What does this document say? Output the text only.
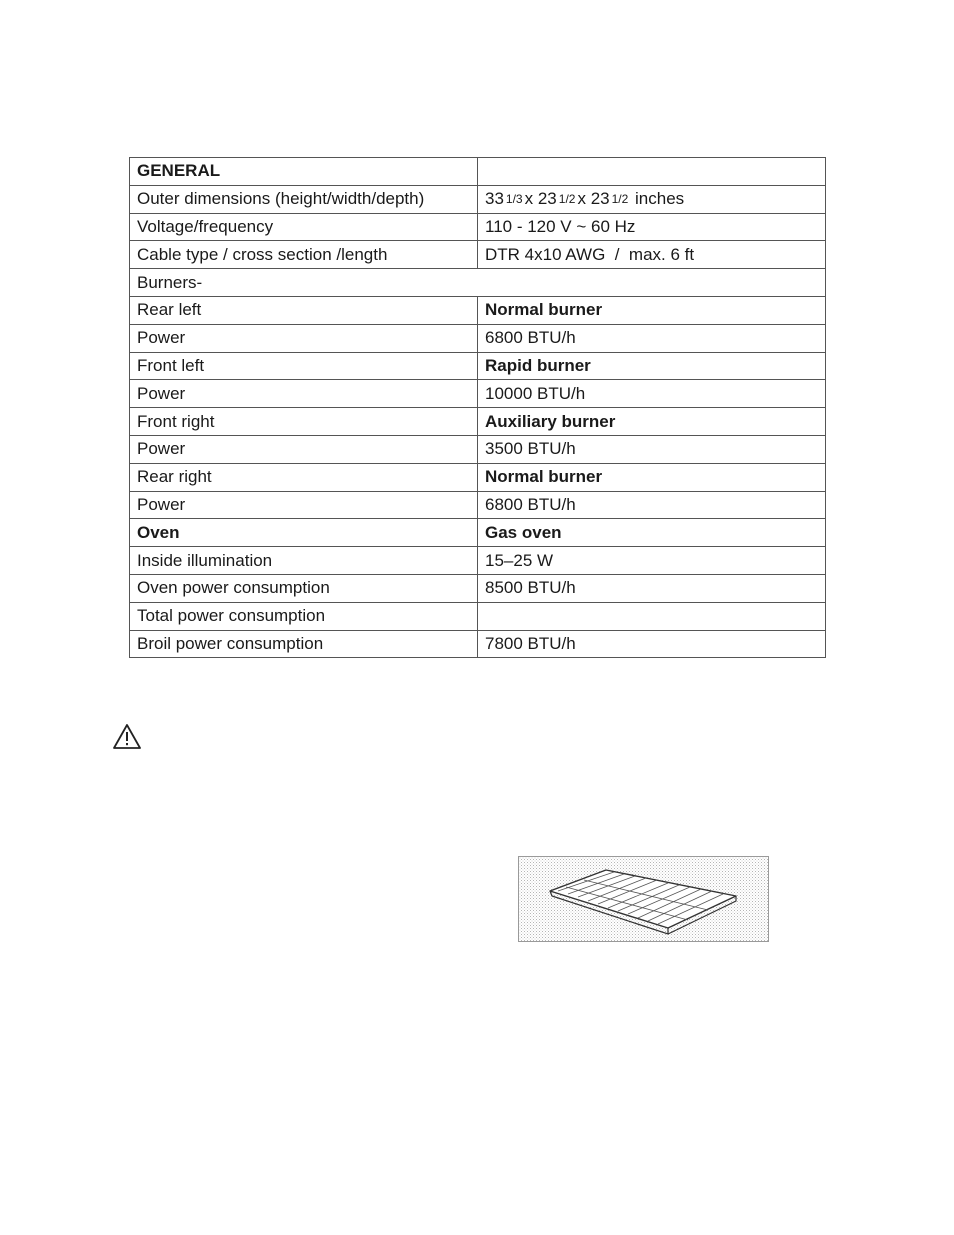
GENERAL	
Outer dimensions (height/width/depth)	33 1/3 x 23 1/2 x 23 1/2 inches
Voltage/frequency	110 - 120 V ~ 60 Hz
Cable type / cross section /length	DTR 4x10 AWG  /  max. 6 ft
Burners-	
Rear left	Normal burner
Power	6800 BTU/h
Front left	Rapid burner
Power	10000 BTU/h
Front right	Auxiliary burner
Power	3500 BTU/h
Rear right	Normal burner
Power	6800 BTU/h
Oven	Gas oven
Inside illumination	15–25 W
Oven power consumption	8500 BTU/h
Total power consumption	
Broil power consumption	7800 BTU/h
